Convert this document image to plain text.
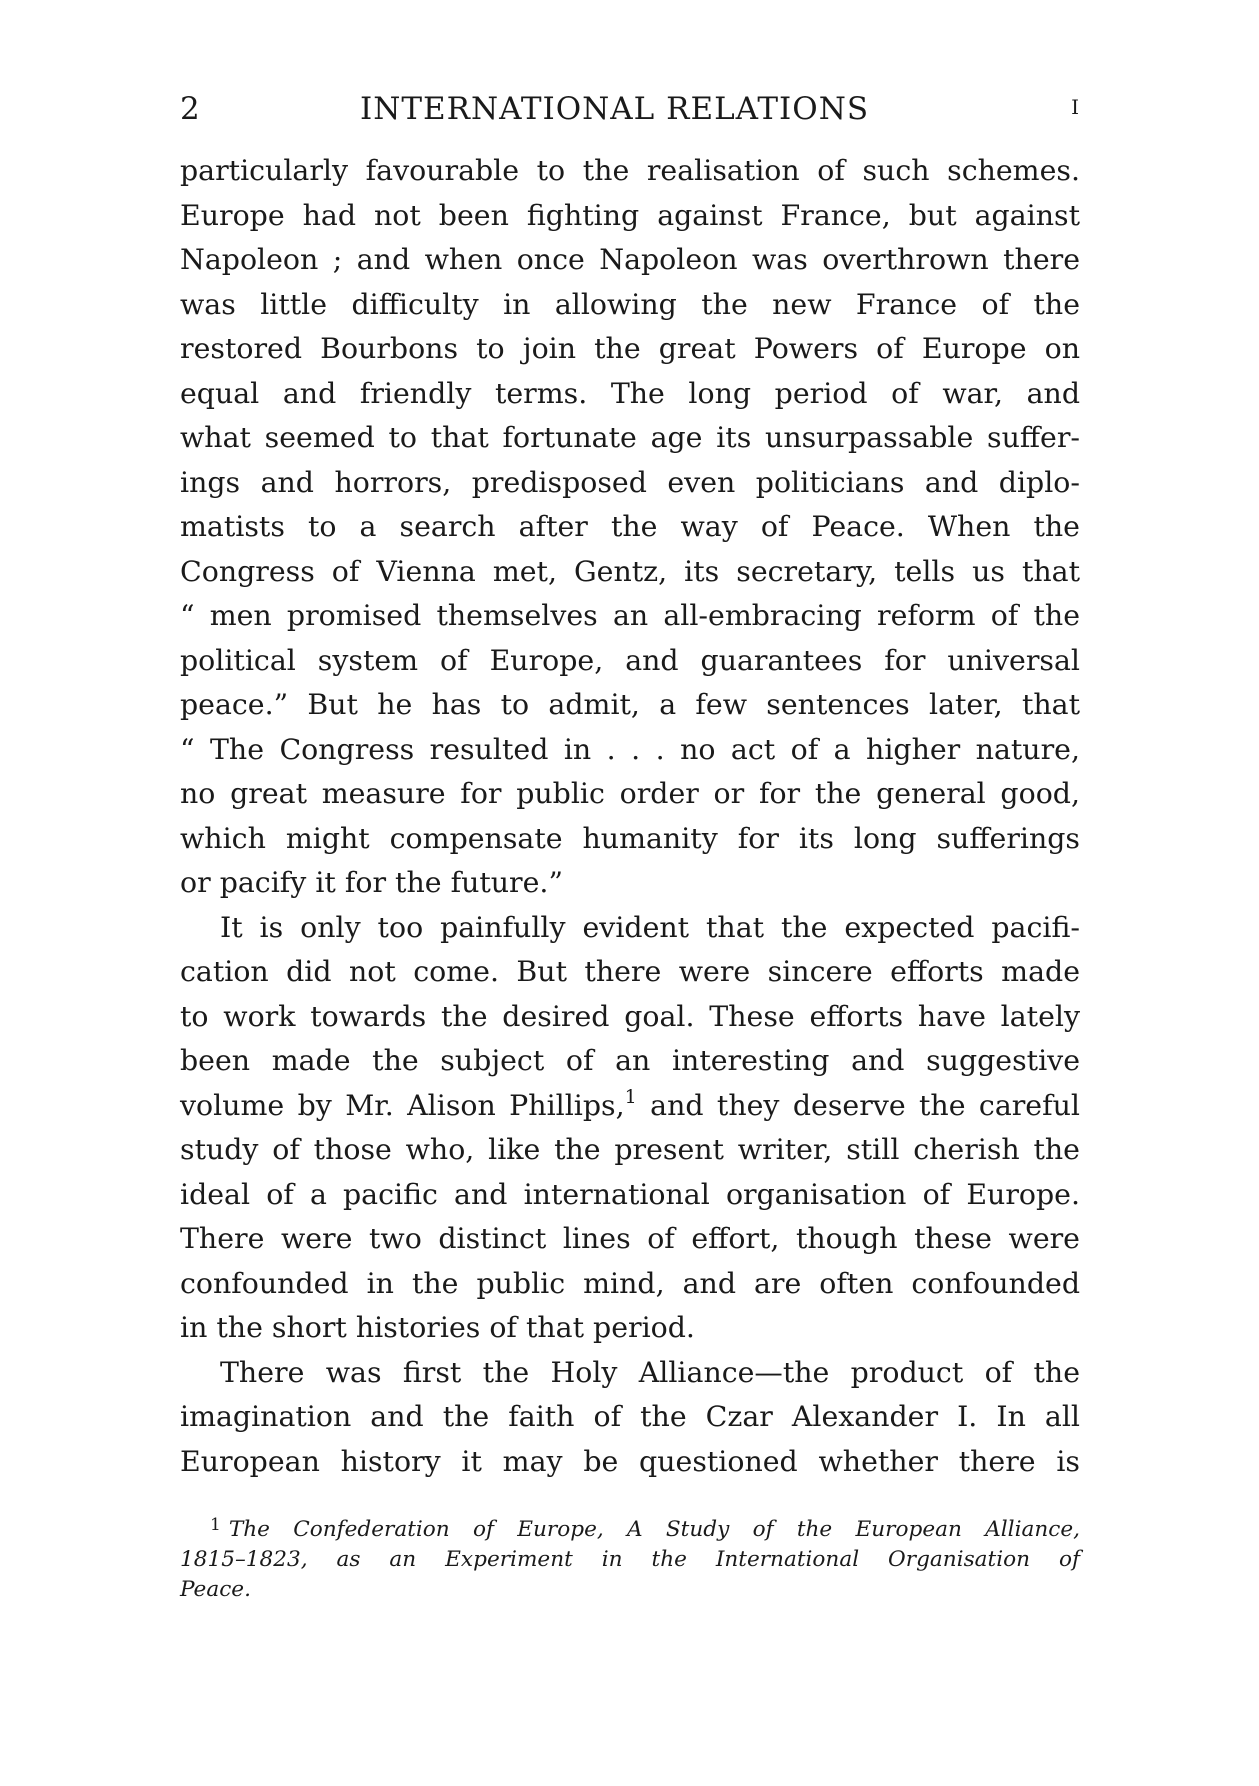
2	INTERNATIONAL RELATIONS	I
particularly favourable to the realisation of such schemes.
Europe had not been fighting against France, but against
Napoleon ; and when once Napoleon was overthrown there
was little difficulty in allowing the new France of the
restored Bourbons to join the great Powers of Europe on
equal and friendly terms. The long period of war, and
what seemed to that fortunate age its unsurpassable suffer-
ings and horrors, predisposed even politicians and diplo-
matists to a search after the way of Peace. When the
Congress of Vienna met, Gentz, its secretary, tells us that
“ men promised themselves an all-embracing reform of the
political system of Europe, and guarantees for universal
peace.” But he has to admit, a few sentences later, that
“ The Congress resulted in . . . no act of a higher nature,
no great measure for public order or for the general good,
which might compensate humanity for its long sufferings
or pacify it for the future.”
It is only too painfully evident that the expected pacifi-
cation did not come. But there were sincere efforts made
to work towards the desired goal. These efforts have lately
been made the subject of an interesting and suggestive
volume by Mr. Alison Phillips,$^1$ and they deserve the careful
study of those who, like the present writer, still cherish the
ideal of a pacific and international organisation of Europe.
There were two distinct lines of effort, though these were
confounded in the public mind, and are often confounded
in the short histories of that period.
There was first the Holy Alliance—the product of the
imagination and the faith of the Czar Alexander I. In all
European history it may be questioned whether there is
$^1$ The Confederation of Europe, A Study of the European Alliance,
1815–1823, as an Experiment in the International Organisation of
Peace.
